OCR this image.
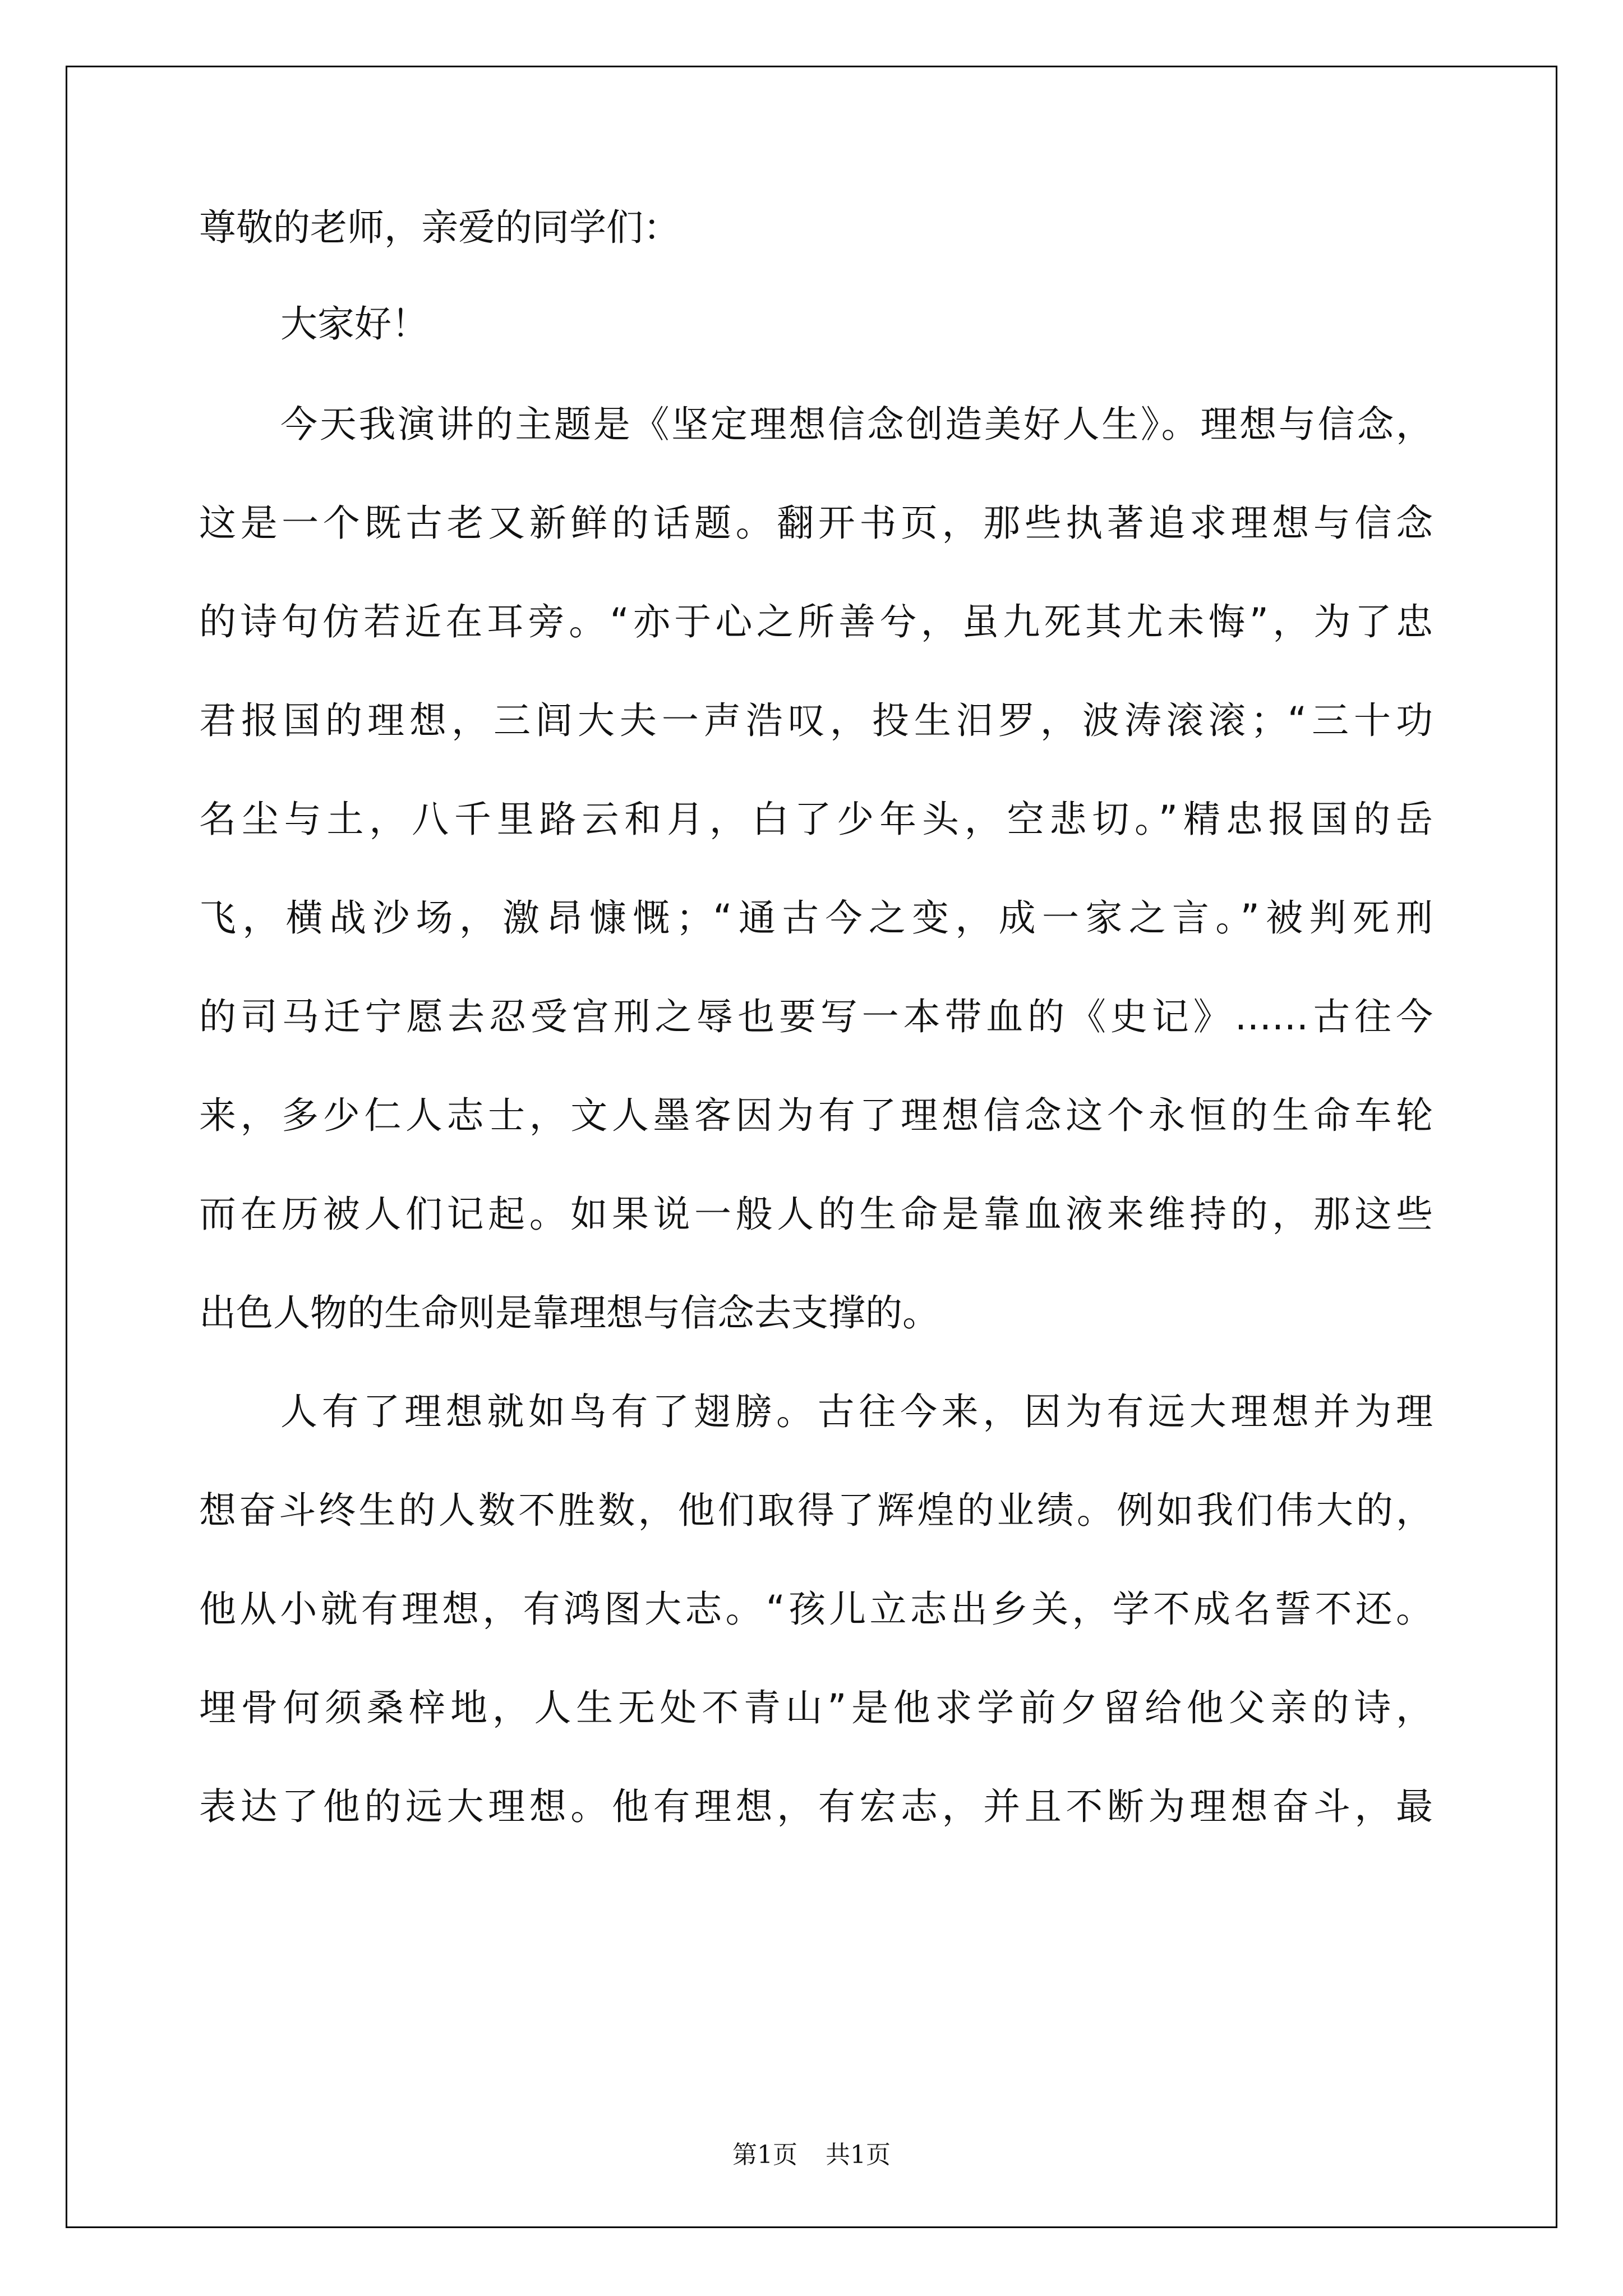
尊敬的老师，亲爱的同学们：
大家好！
今天我演讲的主题是《坚定理想信念创造美好人生》。理想与信念，
这是一个既古老又新鲜的话题。翻开书页，那些执著追求理想与信念
的诗句仿若近在耳旁。“亦于心之所善兮，虽九死其尤未悔”，为了忠
君报国的理想，三闾大夫一声浩叹，投生汨罗，波涛滚滚；“三十功
名尘与土，八千里路云和月，白了少年头，空悲切。”精忠报国的岳
飞，横战沙场，激昂慷慨；“通古今之变，成一家之言。”被判死刑
的司马迁宁愿去忍受宫刑之辱也要写一本带血的《史记》……古往今
来，多少仁人志士，文人墨客因为有了理想信念这个永恒的生命车轮
而在历被人们记起。如果说一般人的生命是靠血液来维持的，那这些
出色人物的生命则是靠理想与信念去支撑的。
人有了理想就如鸟有了翅膀。古往今来，因为有远大理想并为理
想奋斗终生的人数不胜数，他们取得了辉煌的业绩。例如我们伟大的，
他从小就有理想，有鸿图大志。“孩儿立志出乡关，学不成名誓不还。
埋骨何须桑梓地，人生无处不青山”是他求学前夕留给他父亲的诗，
表达了他的远大理想。他有理想，有宏志，并且不断为理想奋斗，最
第1页 共1页
